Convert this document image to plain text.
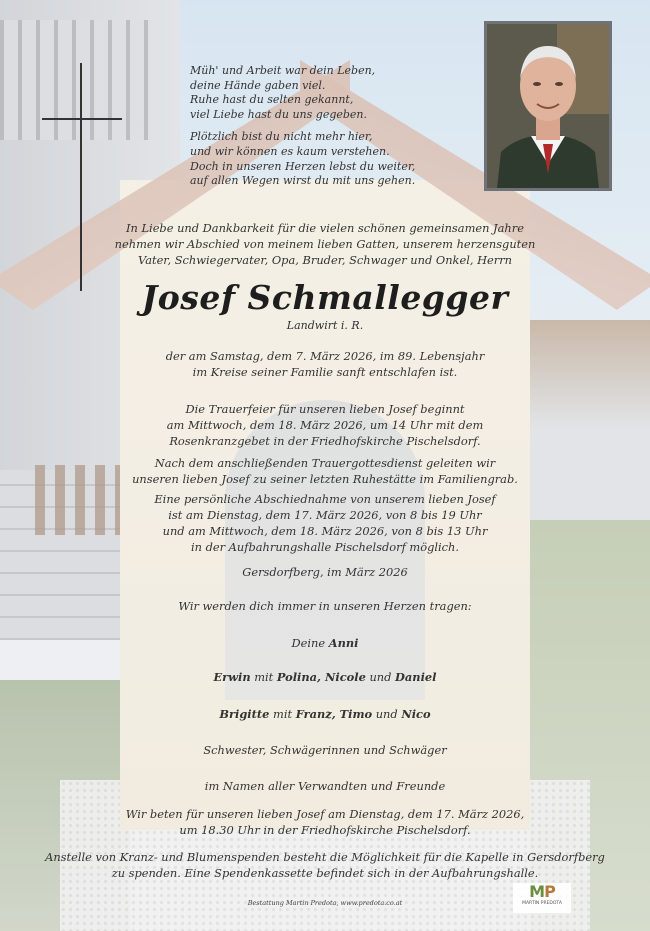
Müh' und Arbeit war dein Leben,
deine Hände gaben viel.
Ruhe hast du selten gekannt,
viel Liebe hast du uns gegeben.
Plötzlich bist du nicht mehr hier,
und wir können es kaum verstehen.
Doch in unseren Herzen lebst du weiter,
auf allen Wegen wirst du mit uns gehen.
In Liebe und Dankbarkeit für die vielen schönen gemeinsamen Jahre
nehmen wir Abschied von meinem lieben Gatten, unserem herzensguten
Vater, Schwiegervater, Opa, Bruder, Schwager und Onkel, Herrn
Josef Schmallegger
Landwirt i. R.
der am Samstag, dem 7. März 2026, im 89. Lebensjahr
im Kreise seiner Familie sanft entschlafen ist.
Die Trauerfeier für unseren lieben Josef beginnt
am Mittwoch, dem 18. März 2026, um 14 Uhr mit dem
Rosenkranzgebet in der Friedhofskirche Pischelsdorf.
Nach dem anschließenden Trauergottesdienst geleiten wir
unseren lieben Josef zu seiner letzten Ruhestätte im Familiengrab.
Eine persönliche Abschiednahme von unserem lieben Josef
ist am Dienstag, dem 17. März 2026, von 8 bis 19 Uhr
und am Mittwoch, dem 18. März 2026, von 8 bis 13 Uhr
in der Aufbahrungshalle Pischelsdorf möglich.
Gersdorfberg, im März 2026
Wir werden dich immer in unseren Herzen tragen:
Deine Anni
Erwin mit Polina, Nicole und Daniel
Brigitte mit Franz, Timo und Nico
Schwester, Schwägerinnen und Schwäger
im Namen aller Verwandten und Freunde
Wir beten für unseren lieben Josef am Dienstag, dem 17. März 2026,
um 18.30 Uhr in der Friedhofskirche Pischelsdorf.
Anstelle von Kranz- und Blumenspenden besteht die Möglichkeit für die Kapelle in Gersdorfberg
zu spenden. Eine Spendenkassette befindet sich in der Aufbahrungshalle.
Bestattung Martin Predota, www.predota.co.at
MP
MARTIN PREDOTA
